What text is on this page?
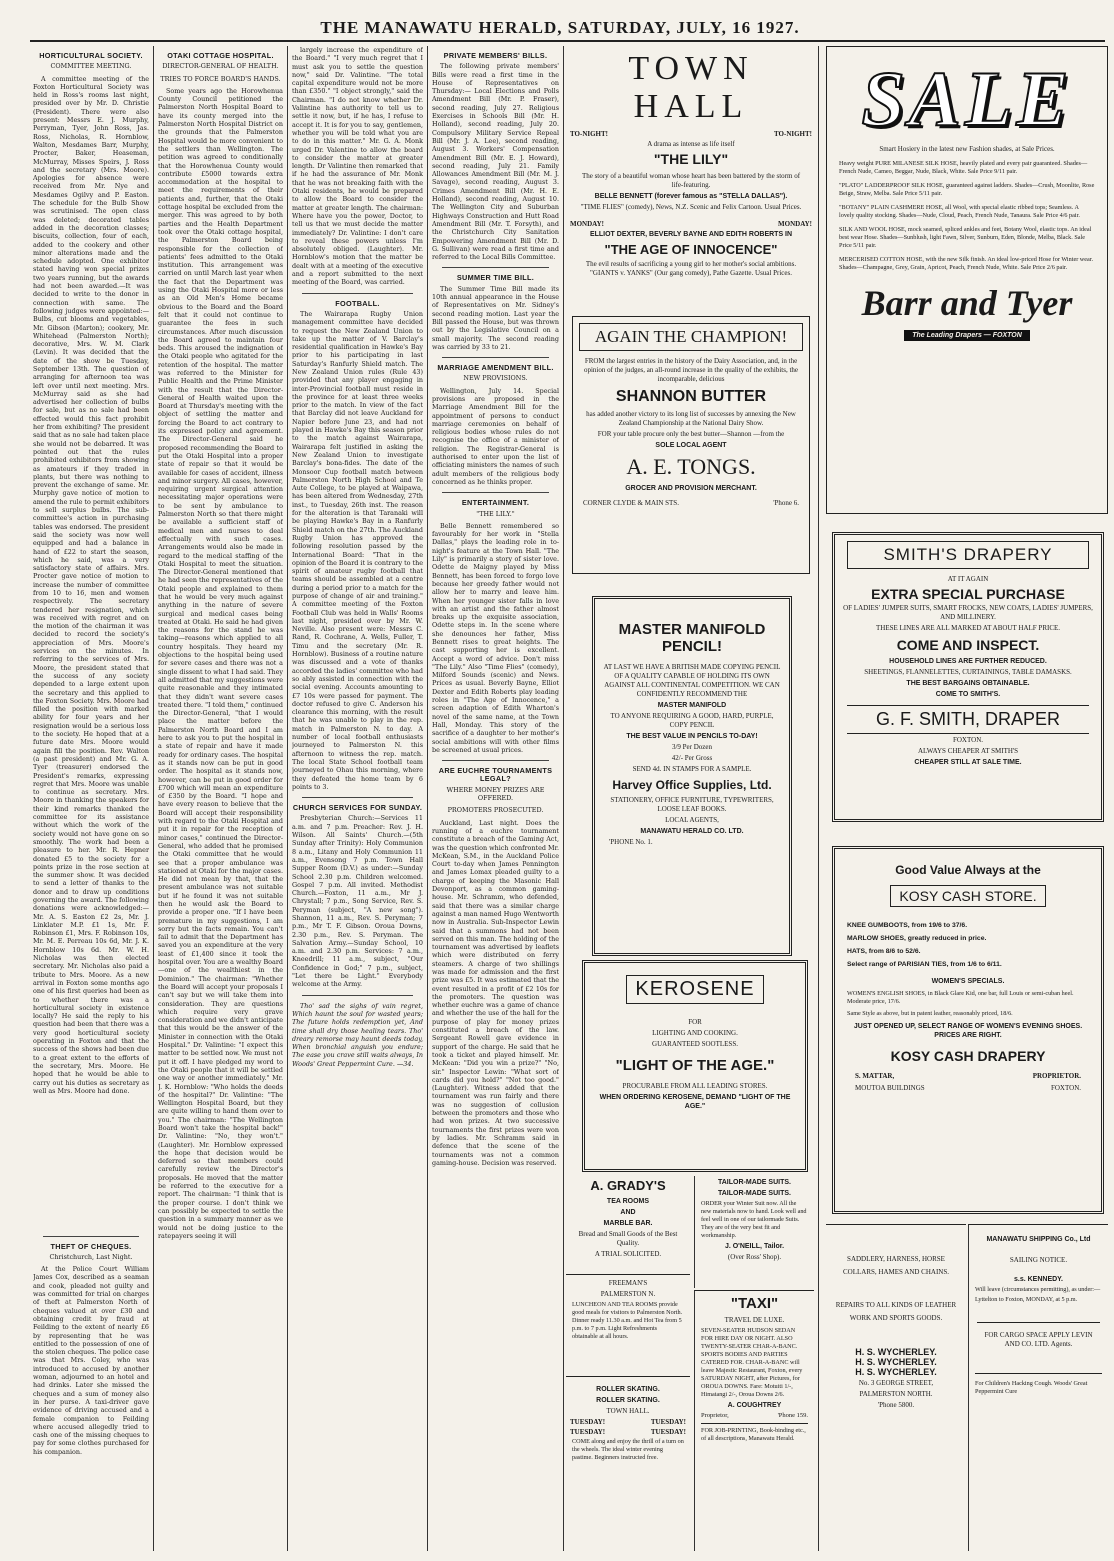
THE MANAWATU HERALD, SATURDAY, JULY, 16 1927.
HORTICULTURAL SOCIETY.
COMMITTEE MEETING.

A committee meeting of the Foxton Horticultural Society was held in Ross's rooms last night, presided over by Mr. D. Christie (President). There were also present: Messrs E. J. Murphy, Perryman, Tyer, John Ross, Jas. Ross, Nicholas, R. Hornblow, Walton, Mesdames Barr, Murphy, Procter, Baker, Heaseman, McMurray, Misses Speirs, J. Ross and the secretary (Mrs. Moore). Apologies for absence were received from Mr. Nye and Mesdames Ogilvy and P. Easton. The schedule for the Bulb Show was scrutinised. The open class was deleted; decorated tables added in the decoration classes; biscuits, collection, four of each, added to the cookery and other minor alterations made and the schedule adopted. One exhibitor stated having won special prizes two years running, but the awards had not been awarded.—It was decided to write to the donor in connection with same. The following judges were appointed:—Bulbs, cut blooms and vegetables, Mr. Gibson (Marton); cookery, Mr. Whitehead (Palmerston North); decorative, Mrs. W. M. Clark (Levin). It was decided that the date of the show be Tuesday, September 13th. The question of arranging for afternoon tea was left over until next meeting. Mrs. McMurray said as she had advertised her collection of bulbs for sale, but as no sale had been effected would this fact prohibit her from exhibiting? The president said that as no sale had taken place she would not be debarred. It was pointed out that the rules prohibited exhibitors from showing as amateurs if they traded in plants, but there was nothing to prevent the exchange of same. Mr. Murphy gave notice of motion to amend the rule to permit exhibitors to sell surplus bulbs. The sub-committee's action in purchasing tables was endorsed. The president said the society was now well equipped and had a balance in hand of £22 to start the season, which he said, was a very satisfactory state of affairs. Mrs. Procter gave notice of motion to increase the number of committee from 10 to 16, men and women respectively. The secretary tendered her resignation, which was received with regret and on the motion of the chairman it was decided to record the society's appreciation of Mrs. Moore's services on the minutes. In referring to the services of Mrs. Moore, the president stated that the success of any society depended to a large extent upon the secretary and this applied to the Foxton Society. Mrs. Moore had filled the position with marked ability for four years and her resignation would be a serious loss to the society. He hoped that at a future date Mrs. Moore would again fill the position. Rev. Walton (a past president) and Mr. G. A. Tyer (treasurer) endorsed the President's remarks, expressing regret that Mrs. Moore was unable to continue as secretary. Mrs. Moore in thanking the speakers for their kind remarks thanked the committee for its assistance without which the work of the society would not have gone on so smoothly. The work had been a pleasure to her. Mr. R. Hepner donated £5 to the society for a points prize in the rose section at the summer show. It was decided to send a letter of thanks to the donor and to draw up conditions governing the award. The following donations were acknowledged:—Mr. A. S. Easton £2 2s, Mr. J. Linklater M.P. £1 1s, Mr. F. Robinson £1, Mrs. F. Robinson 10s, Mr. M. E. Perreau 10s 6d, Mr. J. K. Hornblow 10s 6d. Mr. W. H. Nicholas was then elected secretary. Mr. Nicholas also paid a tribute to Mrs. Moore. As a new arrival in Foxton some months ago one of his first queries had been as to whether there was a horticultural society in existence locally? He said the reply to his question had been that there was a very good horticultural society operating in Foxton and that the success of the shows had been due to a great extent to the efforts of the secretary, Mrs. Moore. He hoped that he would be able to carry out his duties as secretary as well as Mrs. Moore had done.

THEFT OF CHEQUES.
Christchurch, Last Night.

At the Police Court William James Cox, described as a seaman and cook, pleaded not guilty and was committed for trial on charges of theft at Palmerston North of cheques valued at over £30 and obtaining credit by fraud at Feilding to the extent of nearly £6 by representing that he was entitled to the possession of one of the stolen cheques. The police case was that Mrs. Coley, who was introduced to accused by another woman, adjourned to an hotel and had drinks. Later she missed the cheques and a sum of money also in her purse. A taxi-driver gave evidence of driving accused and a female companion to Feilding where accused allegedly tried to cash one of the missing cheques to pay for some clothes purchased for his companion.

OTAKI COTTAGE HOSPITAL.
DIRECTOR-GENERAL OF HEALTH.
TRIES TO FORCE BOARD'S HANDS.

Some years ago the Horowhenua County Council petitioned the Palmerston North Hospital Board to have its county merged into the Palmerston North Hospital District on the grounds that the Palmerston Hospital would be more convenient to the settlers than Wellington. The petition was agreed to conditionally that the Horowhenua County would contribute £5000 towards extra accommodation at the hospital to meet the requirements of their patients and, further, that the Otaki cottage hospital be excluded from the merger. This was agreed to by both parties and the Health Department took over the Otaki cottage hospital, the Palmerston Board being responsible for the collection of patients' fees admitted to the Otaki institution. This arrangement was carried on until March last year when the fact that the Department was using the Otaki Hospital more or less as an Old Men's Home became obvious to the Board and the Board felt that it could not continue to guarantee the fees in such circumstances. After much discussion the Board agreed to maintain four beds. This aroused the indignation of the Otaki people who agitated for the retention of the hospital. The matter was referred to the Minister for Public Health and the Prime Minister with the result that the Director-General of Health waited upon the Board at Thursday's meeting with the object of settling the matter and forcing the Board to act contrary to its expressed policy and agreement. The Director-General said he proposed recommending the Board to put the Otaki Hospital into a proper state of repair so that it would be available for cases of accident, illness and minor surgery. All cases, however, requiring urgent surgical attention necessitating major operations were to be sent by ambulance to Palmerston North so that there might be available a sufficient staff of medical men and nurses to deal effectually with such cases. Arrangements would also be made in regard to the medical staffing of the Otaki Hospital to meet the situation. The Director-General mentioned that he had seen the representatives of the Otaki people and explained to them that he would be very much against anything in the nature of severe surgical and medical cases being treated at Otaki. He said he had given the reasons for the stand he was taking—reasons which applied to all country hospitals. They heard my objections to the hospital being used for severe cases and there was not a single dissent to what I had said. They all admitted that my suggestions were quite reasonable and they intimated that they didn't want severe cases treated there. "I told them," continued the Director-General, "that I would place the matter before the Palmerston North Board and I am here to ask you to put the hospital in a state of repair and have it made ready for ordinary cases. The hospital as it stands now can be put in good order. The hospital as it stands now, however, can be put in good order for £700 which will mean an expenditure of £350 by the Board. "I hope and have every reason to believe that the Board will accept their responsibility with regard to the Otaki Hospital and put it in repair for the reception of minor cases," continued the Director-General, who added that he promised the Otaki committee that he would see that a proper ambulance was stationed at Otaki for the major cases. He did not mean by that, that the present ambulance was not suitable but if he found it was not suitable then he would ask the Board to provide a proper one. "If I have been premature in my suggestions, I am sorry but the facts remain. You can't fail to admit that the Department has saved you an expenditure at the very least of £1,400 since it took the hospital over. You are a wealthy Board—one of the wealthiest in the Dominion." The chairman: "Whether the Board will accept your proposals I can't say but we will take them into consideration. They are questions which require very grave consideration and we didn't anticipate that this would be the answer of the Minister in connection with the Otaki Hospital." Dr. Valintine: "I expect this matter to be settled now. We must not put it off. I have pledged my word to the Otaki people that it will be settled one way or another immediately." Mr. J. K. Hornblow: "Who holds the deeds of the hospital?" Dr. Valintine: "The Wellington Hospital Board, but they are quite willing to hand them over to you." The chairman: "The Wellington Board won't take the hospital back!" Dr. Valintine: "No, they won't." (Laughter). Mr. Hornblow expressed the hope that decision would be deferred so that members could carefully review the Director's proposals. He moved that the matter be referred to the executive for a report. The chairman: "I think that is the proper course. I don't think we can possibly be expected to settle the question in a summary manner as we would not be doing justice to the ratepayers seeing it will

largely increase the expenditure of the Board." "I very much regret that I must ask you to settle the question now," said Dr. Valintine. "The total capital expenditure would not be more than £350." "I object strongly," said the Chairman. "I do not know whether Dr. Valintine has authority to tell us to settle it now, but, if he has, I refuse to accept it. It is for you to say, gentlemen, whether you will be told what you are to do in this matter." Mr. G. A. Monk urged Dr. Valentine to allow the board to consider the matter at greater length. Dr Valintine then remarked that if he had the assurance of Mr. Monk that he was not breaking faith with the Otaki residents, he would be prepared to allow the Board to consider the matter at greater length. The chairman: Where have you the power, Doctor, to tell us that we must decide the matter immediately? Dr. Valintine: I don't care to reveal these powers unless I'm absolutely obliged. (Laughter). Mr. Hornblow's motion that the matter be dealt with at a meeting of the executive and a report submitted to the next meeting of the Board, was carried.

FOOTBALL.

The Wairarapa Rugby Union management committee have decided to request the New Zealand Union to take up the matter of V. Barclay's residential qualification in Hawke's Bay prior to his participating in last Saturday's Ranfurly Shield match. The New Zealand Union rules (Rule 43) provided that any player engaging in inter-Provincial football must reside in the province for at least three weeks prior to the match. In view of the fact that Barclay did not leave Auckland for Napier before June 23, and had not played in Hawke's Bay this season prior to the match against Wairarapa, Wairarapa felt justified in asking the New Zealand Union to investigate Barclay's bona-fides. The date of the Monsoor Cup football match between Palmerston North High School and Te Aute College, to be played at Waipawa, has been altered from Wednesday, 27th inst., to Tuesday, 26th inst. The reason for the alteration is that Taranaki will be playing Hawke's Bay in a Ranfurly Shield match on the 27th. The Auckland Rugby Union has approved the following resolution passed by the International Board: "That in the opinion of the Board it is contrary to the spirit of amateur rugby football that teams should be assembled at a centre during a period prior to a match for the purpose of change of air and training." A committee meeting of the Foxton Football Club was held in Walls' Rooms last night, presided over by Mr. W. Neville. Also present were: Messrs C. Rand, R. Cochrane, A. Wells, Fuller, T. Timu and the secretary (Mr. R. Hornblow). Business of a routine nature was discussed and a vote of thanks accorded the ladies' committee who had so ably assisted in connection with the social evening. Accounts amounting to £7 10s were passed for payment. The doctor refused to give C. Anderson his clearance this morning, with the result that he was unable to play in the rep. match in Palmerston N. to day. A number of local football enthusiasts journeyed to Palmerston N. this afternoon to witness the rep. match. The local State School football team journeyed to Ohau this morning, where they defeated the home team by 6 points to 3.

CHURCH SERVICES FOR SUNDAY.

Presbyterian Church:—Services 11 a.m. and 7 p.m. Preacher: Rev. J. H. Wilson. All Saints' Church.—(5th Sunday after Trinity): Holy Communion 8 a.m., Litany and Holy Communion 11 a.m., Evensong 7 p.m. Town Hall Supper Room (D.V.) as under:—Sunday School 2.30 p.m. Children welcomed. Gospel 7 p.m. All invited. Methodist Church.—Foxton, 11 a.m., Mr J. Chrystall; 7 p.m., Song Service, Rev. S. Peryman (subject, "A new song"). Shannon, 11 a.m., Rev. S. Peryman; 7 p.m., Mr T. F. Gibson. Oroua Downs, 2.30 p.m., Rev. S. Peryman. The Salvation Army.—Sunday School, 10 a.m. and 2.30 p.m. Services: 7 a.m., Kneedrill; 11 a.m., subject, "Our Confidence in God;" 7 p.m., subject, "Let there be Light." Everybody welcome at the Army.

Tho' sad the sighs of vain regret, Which haunt the soul for wasted years; The future holds redemption yet, And time shall dry those healing tears. Tho' dreary remorse may haunt deeds today, When bronchial anguish you endure; The ease you crave still waits always, In Woods' Great Peppermint Cure. —34.

PRIVATE MEMBERS' BILLS.

The following private members' Bills were read a first time in the House of Representatives on Thursday:— Local Elections and Polls Amendment Bill (Mr. P. Fraser), second reading, July 27. Religious Exercises in Schools Bill (Mr. H. Holland), second reading, July 20. Compulsory Military Service Repeal Bill (Mr. J. A. Lee), second reading, August 3. Workers' Compensation Amendment Bill (Mr. E. J. Howard), second reading, July 21. Family Allowances Amendment Bill (Mr. M. J. Savage), second reading, August 3. Crimes Amendment Bill (Mr. H. E. Holland), second reading, August 10. The Wellington City and Suburban Highways Construction and Hutt Road Amendment Bill (Mr. T. Forsyth), and the Christchurch City Sanitation Empowering Amendment Bill (Mr. D. G. Sullivan) were read a first time and referred to the Local Bills Committee.

SUMMER TIME BILL.

The Summer Time Bill made its 10th annual appearance in the House of Representatives on Mr. Sidney's second reading motion. Last year the Bill passed the House, but was thrown out by the Legislative Council on a small majority. The second reading was carried by 33 to 21.

MARRIAGE AMENDMENT BILL.
NEW PROVISIONS.

Wellington, July 14. Special provisions are proposed in the Marriage Amendment Bill for the appointment of persons to conduct marriage ceremonies on behalf of religious bodies whose rules do not recognise the office of a minister of religion. The Registrar-General is authorised to enter upon the list of officiating ministers the names of such adult members of the religious body concerned as he thinks proper.

ENTERTAINMENT.
"THE LILY."

Belle Bennett remembered so favourably for her work in "Stella Dallas," plays the leading role in to-night's feature at the Town Hall. "The Lily" is primarily a story of sister love. Odette de Maigny played by Miss Bennett, has been forced to forgo love because her greedy father would not allow her to marry and leave him. When her younger sister falls in love with an artist and the father almost breaks up the exquisite association, Odette steps in. In the scene where she denounces her father, Miss Bennett rises to great heights. The cast supporting her is excellent. Accept a word of advice. Don't miss "The Lily." Also "Time Flies" (comedy), Milford Sounds (scenic) and News. Prices as usual. Beverly Bayne, Elliot Dexter and Edith Roberts play leading roles in "The Age of Innocence," a screen adaption of Edith Wharton's novel of the same name, at the Town Hall, Monday. This story of the sacrifice of a daughter to her mother's social ambitions will with other films be screened at usual prices.

ARE EUCHRE TOURNAMENTS LEGAL?
WHERE MONEY PRIZES ARE OFFERED.
PROMOTERS PROSECUTED.

Auckland, Last night. Does the running of a euchre tournament constitute a breach of the Gaming Act, was the question which confronted Mr. McKean, S.M., in the Auckland Police Court to-day when James Pennington and James Lomax pleaded guilty to a charge of keeping the Masonic Hall Devonport, as a common gaming-house. Mr. Schramm, who defended, said that there was a similar charge against a man named Hugo Wentworth now in Australia. Sub-Inspector Lewin said that a summons had not been served on this man. The holding of the tournament was advertised by leaflets which were distributed on ferry steamers. A charge of two shillings was made for admission and the first prize was £5. It was estimated that the event resulted in a profit of £2 10s for the promoters. The question was whether euchre was a game of chance and whether the use of the hall for the purpose of play for money prizes constituted a breach of the law. Sergeant Rowell gave evidence in support of the charge. He said that he took a ticket and played himself. Mr. McKean: "Did you win a prize?" "No, sir." Inspector Lewin: "What sort of cards did you hold?" "Not too good." (Laughter). Witness added that the tournament was run fairly and there was no suggestion of collusion between the promoters and those who had won prizes. At two successive tournaments the first prizes were won by ladies. Mr. Schramm said in defence that the scene of the tournaments was not a common gaming-house. Decision was reserved.

TOWN HALL
TO-NIGHT!	TO-NIGHT!
A drama as intense as life itself
"THE LILY"
The story of a beautiful woman whose heart has been battered by the storm of life-featuring.
BELLE BENNETT (forever famous as "STELLA DALLAS").
"TIME FLIES" (comedy), News, N.Z. Scenic and Felix Cartoon. Usual Prices.
MONDAY!	MONDAY!
ELLIOT DEXTER, BEVERLY BAYNE AND EDITH ROBERTS IN
"THE AGE OF INNOCENCE"
The evil results of sacrificing a young girl to her mother's social ambitions. "GIANTS v. YANKS" (Our gang comedy), Pathe Gazette. Usual Prices.
AGAIN THE CHAMPION!
FROM the largest entries in the history of the Dairy Association, and, in the opinion of the judges, an all-round increase in the quality of the exhibits, the incomparable, delicious
SHANNON BUTTER
has added another victory to its long list of successes by annexing the New Zealand Championship at the National Dairy Show.
FOR your table procure only the best butter—Shannon —from the
SOLE LOCAL AGENT
A. E. TONGS.
GROCER AND PROVISION MERCHANT.
CORNER CLYDE & MAIN STS.	'Phone 6.
MASTER MANIFOLD PENCIL!
AT LAST WE HAVE A BRITISH MADE COPYING PENCIL OF A QUALITY CAPABLE OF HOLDING ITS OWN AGAINST ALL CONTINENTAL COMPETITION. WE CAN CONFIDENTLY RECOMMEND THE
MASTER MANIFOLD
TO ANYONE REQUIRING A GOOD, HARD, PURPLE, COPY PENCIL
THE BEST VALUE IN PENCILS TO-DAY!
3/9 Per Dozen
42/- Per Gross
SEND 4d. IN STAMPS FOR A SAMPLE.
Harvey Office Supplies, Ltd.
STATIONERY, OFFICE FURNITURE, TYPEWRITERS, LOOSE LEAF BOOKS.
LOCAL AGENTS,
MANAWATU HERALD CO. LTD.
'PHONE No. 1.
KEROSENE
FOR
LIGHTING AND COOKING.
GUARANTEED SOOTLESS.
"LIGHT OF THE AGE."
PROCURABLE FROM ALL LEADING STORES.
WHEN ORDERING KEROSENE, DEMAND "LIGHT OF THE AGE."
A. GRADY'S
TEA ROOMS
AND
MARBLE BAR.
Bread and Small Goods of the Best Quality.
A TRIAL SOLICITED.
FREEMAN'S
PALMERSTON N.
LUNCHEON AND TEA ROOMS provide good meals for visitors to Palmerston North. Dinner ready 11.30 a.m. and Hot Tea from 5 p.m. to 7 p.m. Light Refreshments obtainable at all hours.
ROLLER SKATING.
ROLLER SKATING.
TOWN HALL.
TUESDAY!	TUESDAY!
TUESDAY!	TUESDAY!
COME along and enjoy the thrill of a turn on the wheels. The ideal winter evening pastime. Beginners instructed free.
TAILOR-MADE SUITS.
TAILOR-MADE SUITS.
ORDER your Winter Suit now. All the new materials now to hand. Look well and feel well in one of our tailormade Suits. They are of the very best fit and workmanship.
J. O'NEILL, Tailor.
(Over Ross' Shop).
"TAXI"
TRAVEL DE LUXE.
SEVEN-SEATER HUDSON SEDAN FOR HIRE DAY OR NIGHT. ALSO TWENTY-SEATER CHAR-A-BANC. SPORTS BODIES AND PARTIES CATERED FOR. CHAR-A-BANC will leave Majestic Restaurant, Foxton, every SATURDAY NIGHT, after Pictures, for OROUA DOWNS. Fare: Motuiti 1/-, Himatangi 2/-, Oroua Downs 2/6.
A. COUGHTREY
Proprietor,	'Phone 159.
FOR JOB-PRINTING, Book-binding etc., of all descriptions, Manawatu Herald.
SALE
Smart Hosiery in the latest new Fashion shades, at Sale Prices.
Heavy weight PURE MILANESE SILK HOSE, heavily plated and every pair guaranteed. Shades—French Nude, Cameo, Beggar, Nude, Black, White. Sale Price 9/11 pair.
"PLATO" LADDERPROOF SILK HOSE, guaranteed against ladders. Shades—Crush, Moonlite, Rose Beige, Straw, Melba. Sale Price 5/11 pair.
"BOTANY" PLAIN CASHMERE HOSE, all Wool, with special elastic ribbed tops; Seamless. A lovely quality stocking. Shades—Nude, Cloud, Peach, French Nude, Tanaura. Sale Price 4/6 pair.
SILK AND WOOL HOSE, mock seamed, spliced ankles and feet, Botany Wool, elastic tops. An ideal best wear Hose. Shades—Sunblush, light Fawn, Silver, Sunburn, Eden, Blonde, Melba, Black. Sale Price 5/11 pair.
MERCERISED COTTON HOSE, with the new Silk finish. An ideal low-priced Hose for Winter wear. Shades—Champagne, Grey, Grain, Apricot, Peach, French Nude, White. Sale Price 2/6 pair.
Barr and Tyer
The Leading Drapers — FOXTON
SMITH'S DRAPERY
AT IT AGAIN
EXTRA SPECIAL PURCHASE
OF LADIES' JUMPER SUITS, SMART FROCKS, NEW COATS, LADIES' JUMPERS, AND MILLINERY.
THESE LINES ARE ALL MARKED AT ABOUT HALF PRICE.
COME AND INSPECT.
HOUSEHOLD LINES ARE FURTHER REDUCED.
SHEETINGS, FLANNELETTES, CURTAININGS, TABLE DAMASKS.
THE BEST BARGAINS OBTAINABLE.
COME TO SMITH'S.
G. F. SMITH, DRAPER
FOXTON.
ALWAYS CHEAPER AT SMITH'S
CHEAPER STILL AT SALE TIME.
Good Value Always at the
KOSY CASH STORE.
KNEE GUMBOOTS, from 19/6 to 37/6.
MARLOW SHOES, greatly reduced in price.
HATS, from 8/6 to 52/6.
Select range of PARISIAN TIES, from 1/6 to 6/11.
WOMEN'S SPECIALS.
WOMEN'S ENGLISH SHOES, in Black Glare Kid, one bar, full Louis or semi-cuban heel. Moderate price, 17/6.
Same Style as above, but in patent leather, reasonably priced, 18/6.
JUST OPENED UP, SELECT RANGE OF WOMEN'S EVENING SHOES. PRICES ARE RIGHT.
KOSY CASH DRAPERY
S. MATTAR,	PROPRIETOR.
MOUTOA BUILDINGS	FOXTON.
SADDLERY, HARNESS, HORSE COLLARS, HAMES AND CHAINS.
REPAIRS TO ALL KINDS OF LEATHER WORK AND SPORTS GOODS.
H. S. WYCHERLEY.
H. S. WYCHERLEY.
H. S. WYCHERLEY.
No. 3 GEORGE STREET,
PALMERSTON NORTH.
'Phone 5800.
MANAWATU SHIPPING Co., Ltd
SAILING NOTICE.
s.s. KENNEDY.
Will leave (circumstances permitting), as under:—
Lyttelton to Foxton, MONDAY, at 5 p.m.
FOR CARGO SPACE APPLY LEVIN AND CO. LTD. Agents.
For Children's Hacking Cough. Woods' Great Peppermint Cure
